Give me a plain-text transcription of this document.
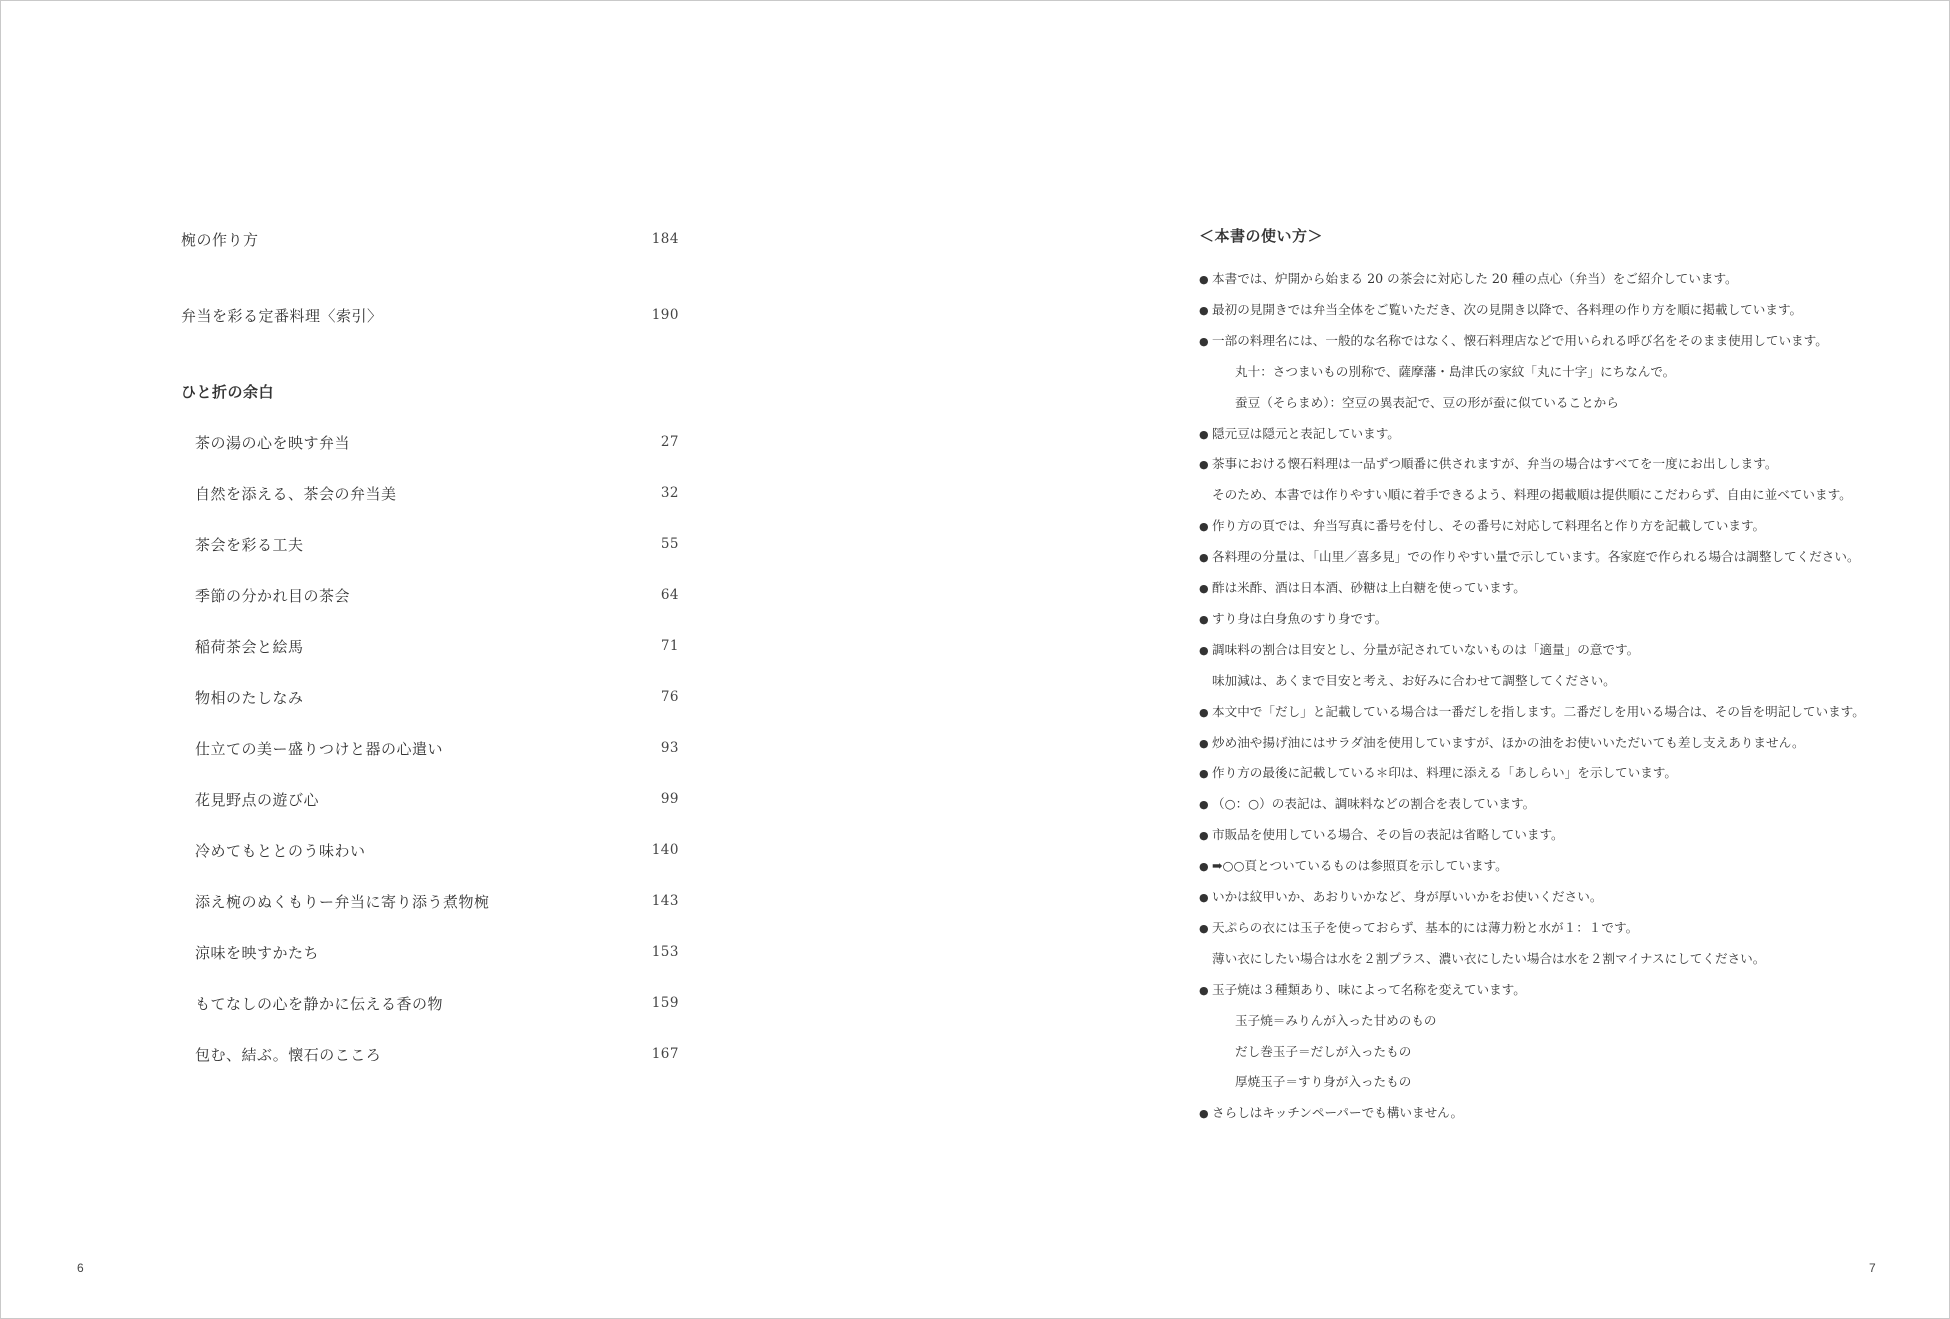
椀の作り方	184
弁当を彩る定番料理〈索引〉	190
ひと折の余白
茶の湯の心を映す弁当	27
自然を添える、茶会の弁当美	32
茶会を彩る工夫	55
季節の分かれ目の茶会	64
稲荷茶会と絵馬	71
物相のたしなみ	76
仕立ての美ー盛りつけと器の心遣い	93
花見野点の遊び心	99
冷めてもととのう味わい	140
添え椀のぬくもりー弁当に寄り添う煮物椀	143
涼味を映すかたち	153
もてなしの心を静かに伝える香の物	159
包む、結ぶ。懐石のこころ	167
6
＜本書の使い方＞
● 本書では、炉開から始まる 20 の茶会に対応した 20 種の点心（弁当）をご紹介しています。
● 最初の見開きでは弁当全体をご覧いただき、次の見開き以降で、各料理の作り方を順に掲載しています。
● 一部の料理名には、一般的な名称ではなく、懐石料理店などで用いられる呼び名をそのまま使用しています。
丸十：さつまいもの別称で、薩摩藩・島津氏の家紋「丸に十字」にちなんで。
蚕豆（そらまめ）：空豆の異表記で、豆の形が蚕に似ていることから
● 隠元豆は隠元と表記しています。
● 茶事における懐石料理は一品ずつ順番に供されますが、弁当の場合はすべてを一度にお出しします。
そのため、本書では作りやすい順に着手できるよう、料理の掲載順は提供順にこだわらず、自由に並べています。
● 作り方の頁では、弁当写真に番号を付し、その番号に対応して料理名と作り方を記載しています。
● 各料理の分量は、「山里／喜多見」での作りやすい量で示しています。各家庭で作られる場合は調整してください。
● 酢は米酢、酒は日本酒、砂糖は上白糖を使っています。
● すり身は白身魚のすり身です。
● 調味料の割合は目安とし、分量が記されていないものは「適量」の意です。
味加減は、あくまで目安と考え、お好みに合わせて調整してください。
● 本文中で「だし」と記載している場合は一番だしを指します。二番だしを用いる場合は、その旨を明記しています。
● 炒め油や揚げ油にはサラダ油を使用していますが、ほかの油をお使いいただいても差し支えありません。
● 作り方の最後に記載している＊印は、料理に添える「あしらい」を示しています。
● （○：○）の表記は、調味料などの割合を表しています。
● 市販品を使用している場合、その旨の表記は省略しています。
● ➡○○頁とついているものは参照頁を示しています。
● いかは紋甲いか、あおりいかなど、身が厚いいかをお使いください。
● 天ぷらの衣には玉子を使っておらず、基本的には薄力粉と水が１：１です。
薄い衣にしたい場合は水を２割プラス、濃い衣にしたい場合は水を２割マイナスにしてください。
● 玉子焼は３種類あり、味によって名称を変えています。
玉子焼＝みりんが入った甘めのもの
だし巻玉子＝だしが入ったもの
厚焼玉子＝すり身が入ったもの
● さらしはキッチンペーパーでも構いません。
7
